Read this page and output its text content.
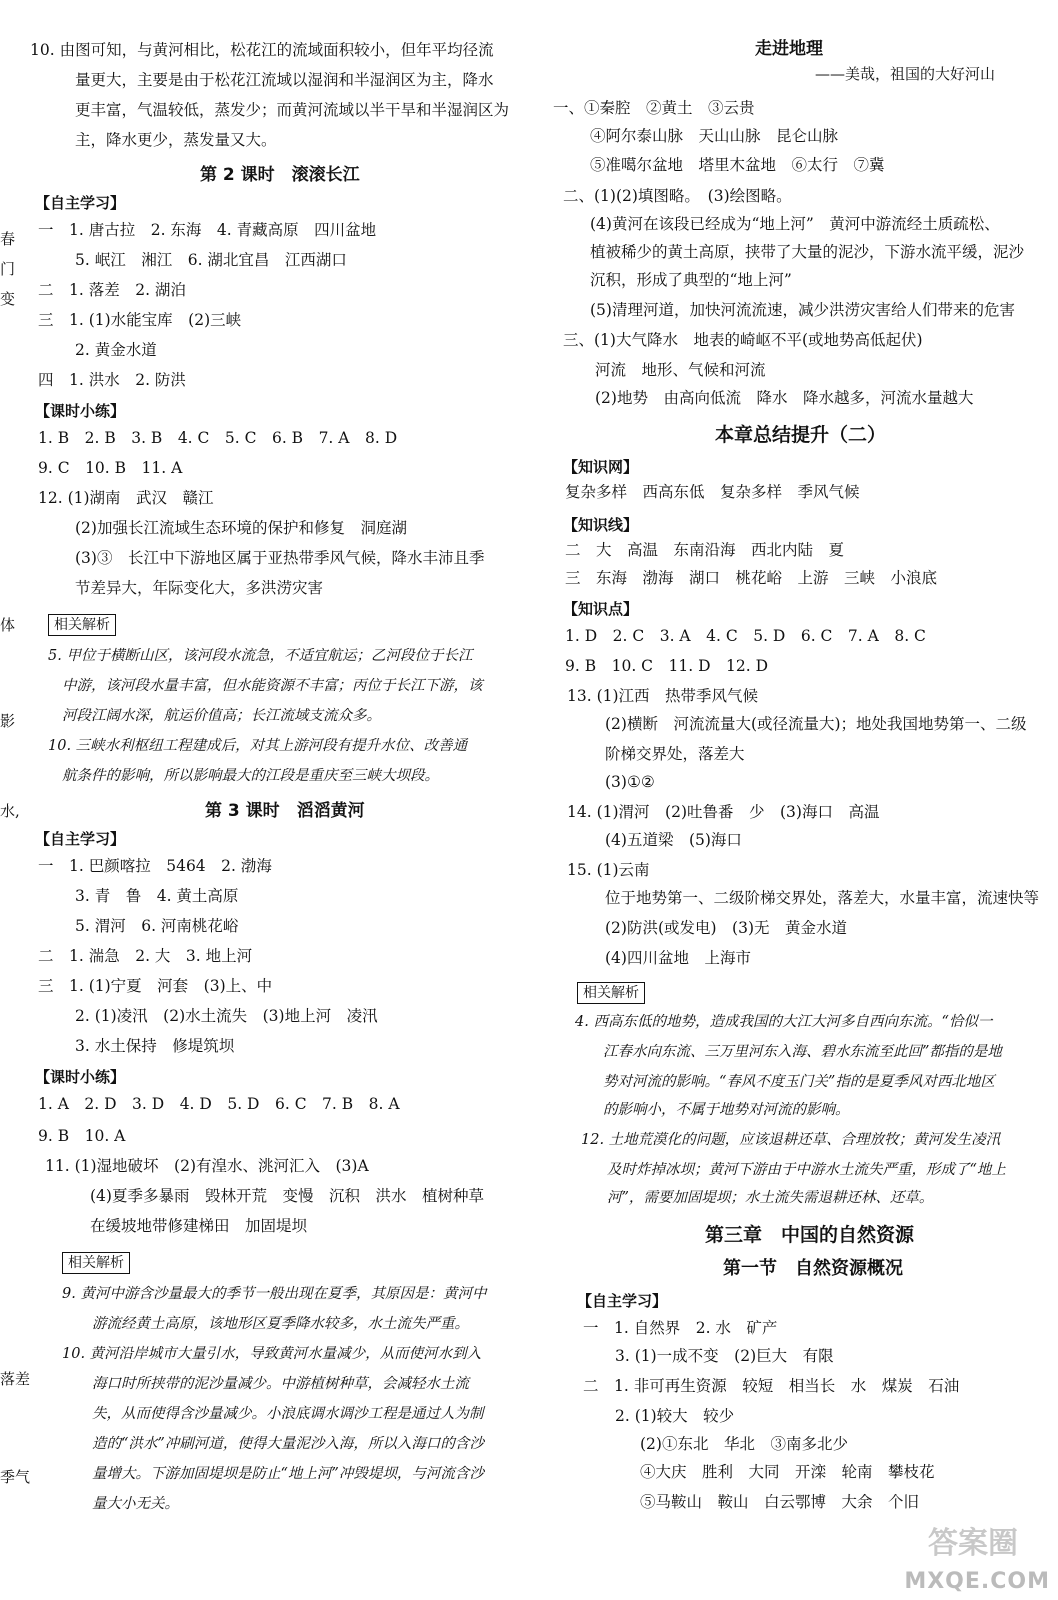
10. 由图可知，与黄河相比，松花江的流域面积较小，但年平均径流
量更大，主要是由于松花江流域以湿润和半湿润区为主，降水
更丰富，气温较低，蒸发少；而黄河流域以半干旱和半湿润区为
主，降水更少，蒸发量又大。
第 2 课时　滚滚长江
【自主学习】
一　1. 唐古拉　2. 东海　4. 青藏高原　四川盆地
5. 岷江　湘江　6. 湖北宜昌　江西湖口
二　1. 落差　2. 湖泊
三　1. (1)水能宝库　(2)三峡
2. 黄金水道
四　1. 洪水　2. 防洪
【课时小练】
1. B　2. B　3. B　4. C　5. C　6. B　7. A　8. D
9. C　10. B　11. A
12. (1)湖南　武汉　赣江
(2)加强长江流域生态环境的保护和修复　洞庭湖
(3)③　长江中下游地区属于亚热带季风气候，降水丰沛且季
节差异大，年际变化大，多洪涝灾害
相关解析
5. 甲位于横断山区，该河段水流急，不适宜航运；乙河段位于长江
中游，该河段水量丰富，但水能资源不丰富；丙位于长江下游，该
河段江阔水深，航运价值高；长江流域支流众多。
10. 三峡水利枢纽工程建成后，对其上游河段有提升水位、改善通
航条件的影响，所以影响最大的江段是重庆至三峡大坝段。
第 3 课时　滔滔黄河
【自主学习】
一　1. 巴颜喀拉　5464　2. 渤海
3. 青　鲁　4. 黄土高原
5. 渭河　6. 河南桃花峪
二　1. 湍急　2. 大　3. 地上河
三　1. (1)宁夏　河套　(3)上、中
2. (1)凌汛　(2)水土流失　(3)地上河　凌汛
3. 水土保持　修堤筑坝
【课时小练】
1. A　2. D　3. D　4. D　5. D　6. C　7. B　8. A
9. B　10. A
11. (1)湿地破坏　(2)有湟水、洮河汇入　(3)A
(4)夏季多暴雨　毁林开荒　变慢　沉积　洪水　植树种草
在缓坡地带修建梯田　加固堤坝
相关解析
9. 黄河中游含沙量最大的季节一般出现在夏季，其原因是：黄河中
游流经黄土高原，该地形区夏季降水较多，水土流失严重。
10. 黄河沿岸城市大量引水，导致黄河水量减少，从而使河水到入
海口时所挟带的泥沙量减少。中游植树种草，会减轻水土流
失，从而使得含沙量减少。小浪底调水调沙工程是通过人为制
造的“洪水”冲刷河道，使得大量泥沙入海，所以入海口的含沙
量增大。下游加固堤坝是防止“地上河”冲毁堤坝，与河流含沙
量大小无关。
春
门
变
体
影
水,
落差
季气
走进地理
——美哉，祖国的大好河山
一、①秦腔　②黄土　③云贵
④阿尔泰山脉　天山山脉　昆仑山脉
⑤准噶尔盆地　塔里木盆地　⑥太行　⑦冀
二、(1)(2)填图略。　(3)绘图略。
(4)黄河在该段已经成为“地上河”　黄河中游流经土质疏松、
植被稀少的黄土高原，挟带了大量的泥沙，下游水流平缓，泥沙
沉积，形成了典型的“地上河”
(5)清理河道，加快河流流速，减少洪涝灾害给人们带来的危害
三、(1)大气降水　地表的崎岖不平(或地势高低起伏)
河流　地形、气候和河流
(2)地势　由高向低流　降水　降水越多，河流水量越大
本章总结提升（二）
【知识网】
复杂多样　西高东低　复杂多样　季风气候
【知识线】
二　大　高温　东南沿海　西北内陆　夏
三　东海　渤海　湖口　桃花峪　上游　三峡　小浪底
【知识点】
1. D　2. C　3. A　4. C　5. D　6. C　7. A　8. C
9. B　10. C　11. D　12. D
13. (1)江西　热带季风气候
(2)横断　河流流量大(或径流量大)；地处我国地势第一、二级
阶梯交界处，落差大
(3)①②
14. (1)渭河　(2)吐鲁番　少　(3)海口　高温
(4)五道梁　(5)海口
15. (1)云南
位于地势第一、二级阶梯交界处，落差大，水量丰富，流速快等
(2)防洪(或发电)　(3)无　黄金水道
(4)四川盆地　上海市
相关解析
4. 西高东低的地势，造成我国的大江大河多自西向东流。“恰似一
江春水向东流、三万里河东入海、碧水东流至此回”都指的是地
势对河流的影响。“春风不度玉门关”指的是夏季风对西北地区
的影响小，不属于地势对河流的影响。
12. 土地荒漠化的问题，应该退耕还草、合理放牧；黄河发生凌汛
及时炸掉冰坝；黄河下游由于中游水土流失严重，形成了“地上
河”，需要加固堤坝；水土流失需退耕还林、还草。
第三章　中国的自然资源
第一节　自然资源概况
【自主学习】
一　1. 自然界　2. 水　矿产
3. (1)一成不变　(2)巨大　有限
二　1. 非可再生资源　较短　相当长　水　煤炭　石油
2. (1)较大　较少
(2)①东北　华北　③南多北少
④大庆　胜利　大同　开滦　轮南　攀枝花
⑤马鞍山　鞍山　白云鄂博　大余　个旧
答案圈
MXQE.COM
